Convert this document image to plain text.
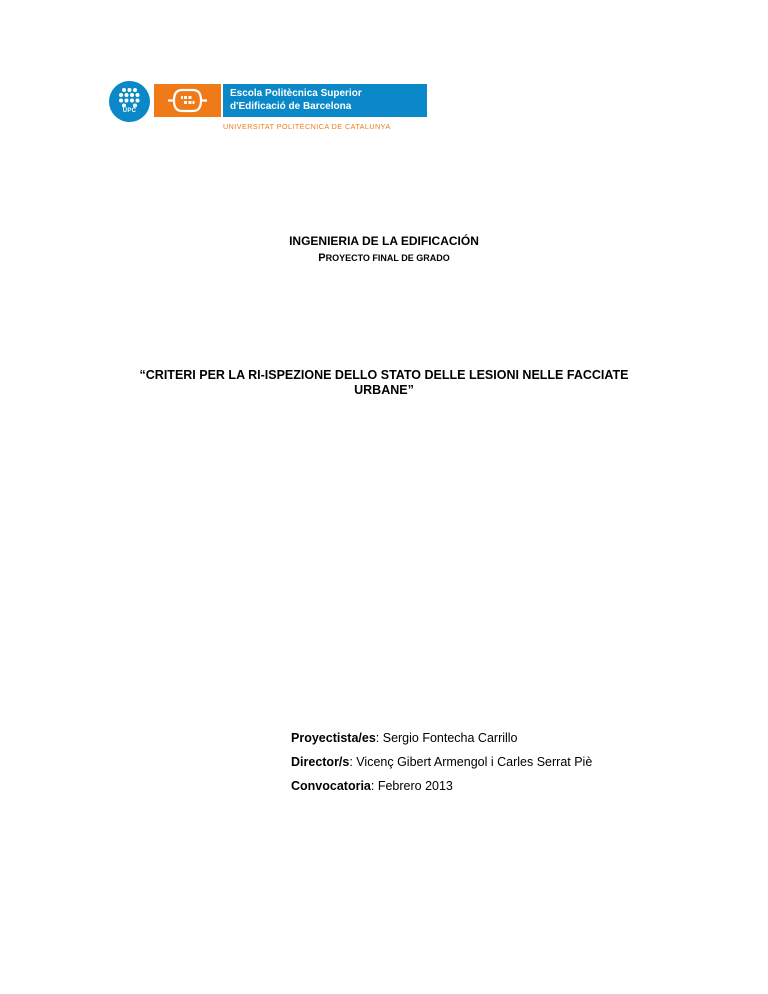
UPC
Escola Politècnica Superior
d'Edificació de Barcelona
UNIVERSITAT POLITÈCNICA DE CATALUNYA
INGENIERIA DE LA EDIFICACIÓN
PROYECTO FINAL DE GRADO
“CRITERI PER LA RI-ISPEZIONE DELLO STATO DELLE LESIONI NELLE FACCIATE
URBANE”
Proyectista/es: Sergio Fontecha Carrillo
Director/s: Vicenç Gibert Armengol i Carles Serrat Piè
Convocatoria: Febrero 2013
